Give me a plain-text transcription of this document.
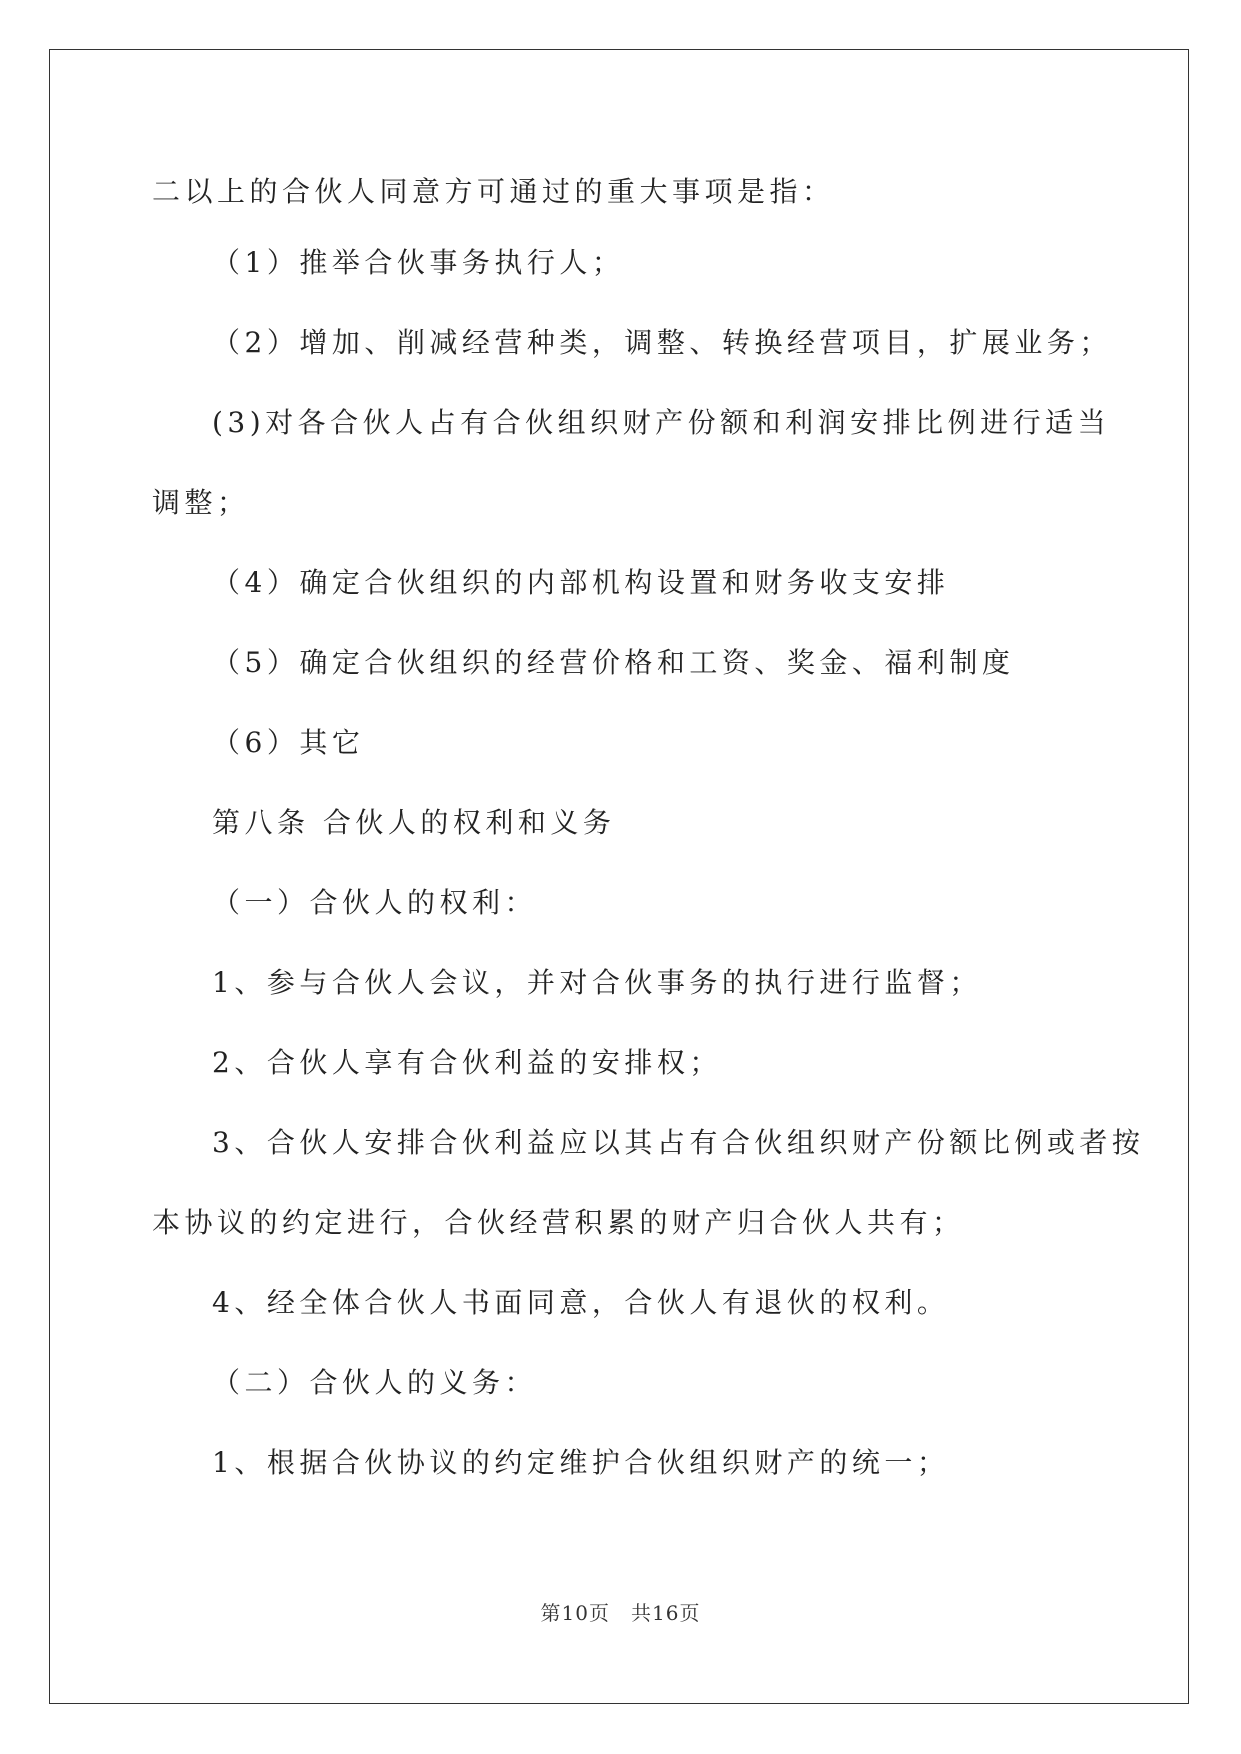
二以上的合伙人同意方可通过的重大事项是指：
（1）推举合伙事务执行人；
（2）增加、削减经营种类，调整、转换经营项目，扩展业务；
(3)对各合伙人占有合伙组织财产份额和利润安排比例进行适当
调整；
（4）确定合伙组织的内部机构设置和财务收支安排
（5）确定合伙组织的经营价格和工资、奖金、福利制度
（6）其它
第八条 合伙人的权利和义务
（一）合伙人的权利：
1、参与合伙人会议，并对合伙事务的执行进行监督；
2、合伙人享有合伙利益的安排权；
3、合伙人安排合伙利益应以其占有合伙组织财产份额比例或者按
本协议的约定进行，合伙经营积累的财产归合伙人共有；
4、经全体合伙人书面同意，合伙人有退伙的权利。
（二）合伙人的义务：
1、根据合伙协议的约定维护合伙组织财产的统一；
第10页　共16页
